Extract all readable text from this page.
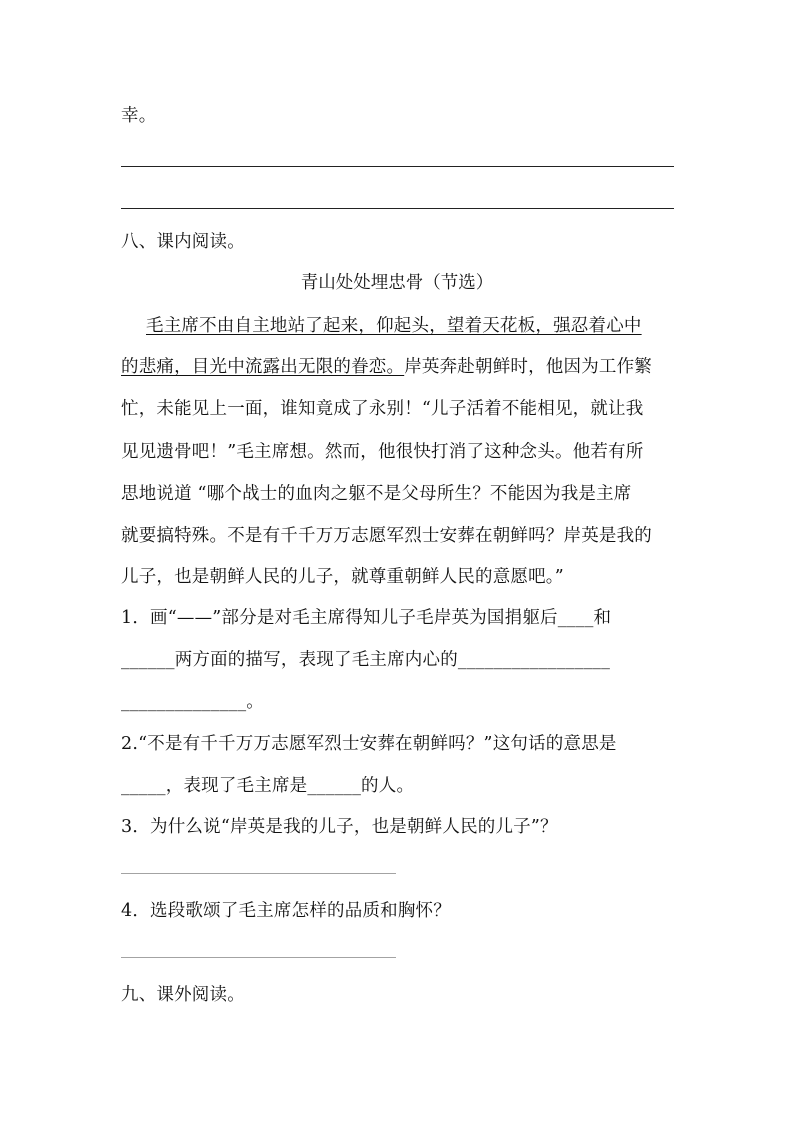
幸。
八、课内阅读。
青山处处埋忠骨（节选）
毛主席不由自主地站了起来，仰起头，望着天花板，强忍着心中
的悲痛，目光中流露出无限的眷恋。岸英奔赴朝鲜时，他因为工作繁
忙，未能见上一面，谁知竟成了永别！“儿子活着不能相见，就让我
见见遗骨吧！”毛主席想。然而，他很快打消了这种念头。他若有所
思地说道 “哪个战士的血肉之躯不是父母所生？不能因为我是主席
就要搞特殊。不是有千千万万志愿军烈士安葬在朝鲜吗？岸英是我的
儿子，也是朝鲜人民的儿子，就尊重朝鲜人民的意愿吧。”
1．画“——”部分是对毛主席得知儿子毛岸英为国捐躯后____和
______两方面的描写，表现了毛主席内心的_________________
______________。
2.“不是有千千万万志愿军烈士安葬在朝鲜吗？”这句话的意思是
_____，表现了毛主席是______的人。
3．为什么说“岸英是我的儿子，也是朝鲜人民的儿子”？
_______________________________________________________
4．选段歌颂了毛主席怎样的品质和胸怀？
_______________________________________________________
九、课外阅读。
